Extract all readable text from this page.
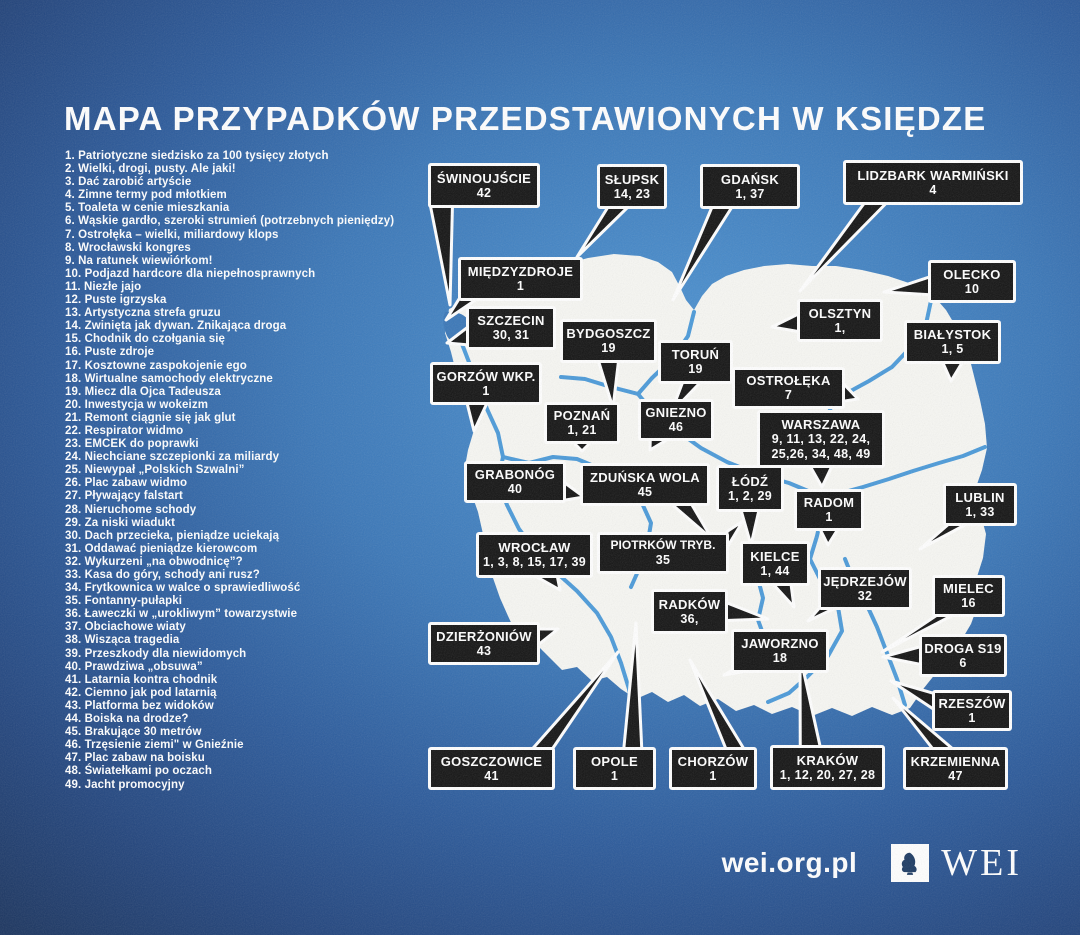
MAPA PRZYPADKÓW PRZEDSTAWIONYCH W KSIĘDZE
1. Patriotyczne siedzisko za 100 tysięcy złotych
2. Wielki, drogi, pusty. Ale jaki!
3. Dać zarobić artyście
4. Zimne termy pod młotkiem
5. Toaleta w cenie mieszkania
6. Wąskie gardło, szeroki strumień (potrzebnych pieniędzy)
7. Ostrołęka – wielki, miliardowy klops
8. Wrocławski kongres
9. Na ratunek wiewiórkom!
10. Podjazd hardcore dla niepełnosprawnych
11. Niezłe jajo
12. Puste igrzyska
13. Artystyczna strefa gruzu
14. Zwinięta jak dywan. Znikająca droga
15. Chodnik do czołgania się
16. Puste zdroje
17. Kosztowne zaspokojenie ego
18. Wirtualne samochody elektryczne
19. Miecz dla Ojca Tadeusza
20. Inwestycja w wokeizm
21. Remont ciągnie się jak glut
22. Respirator widmo
23. EMCEK do poprawki
24. Niechciane szczepionki za miliardy
25. Niewypał „Polskich Szwalni”
26. Plac zabaw widmo
27. Pływający falstart
28. Nieruchome schody
29. Za niski wiadukt
30. Dach przecieka, pieniądze uciekają
31. Oddawać pieniądze kierowcom
32. Wykurzeni „na obwodnicę”?
33. Kasa do góry, schody ani rusz?
34. Frytkownica w walce o sprawiedliwość
35. Fontanny-pułapki
36. Ławeczki w „urokliwym” towarzystwie
37. Obciachowe wiaty
38. Wisząca tragedia
39. Przeszkody dla niewidomych
40. Prawdziwa „obsuwa”
41. Latarnia kontra chodnik
42. Ciemno jak pod latarnią
43. Platforma bez widoków
44. Boiska na drodze?
45. Brakujące 30 metrów
46. Trzęsienie ziemi" w Gnieźnie
47. Plac zabaw na boisku
48. Światełkami po oczach
49. Jacht promocyjny
ŚWINOUJŚCIE
42
SŁUPSK
14, 23
GDAŃSK
1, 37
LIDZBARK WARMIŃSKI
4
MIĘDZYZDROJE
1
OLECKO
10
SZCZECIN
30, 31
OLSZTYN
1,	BIAŁYSTOK
1, 5
BYDGOSZCZ
19	TORUŃ
19
GORZÓW WKP.
1
OSTROŁĘKA
7
POZNAŃ
1, 21
GNIEZNO
46	WARSZAWA
9, 11, 13, 22, 24,
25,26, 34, 48, 49
GRABONÓG
40
ZDUŃSKA WOLA
45
ŁÓDŹ
1, 2, 29 RADOM
1
LUBLIN
1, 33
WROCŁAW
1, 3, 8, 15, 17, 39
PIOTRKÓW TRYB.
35	KIELCE
1, 44
JĘDRZEJÓW
32	MIELEC
16
RADKÓW
36,
DZIERŻONIÓW
43	JAWORZNO
18
DROGA S19
6
RZESZÓW
1
GOSZCZOWICE
41
OPOLE
1
CHORZÓW
1
KRAKÓW
1, 12, 20, 27, 28
KRZEMIENNA
47
wei.org.pl WEI
